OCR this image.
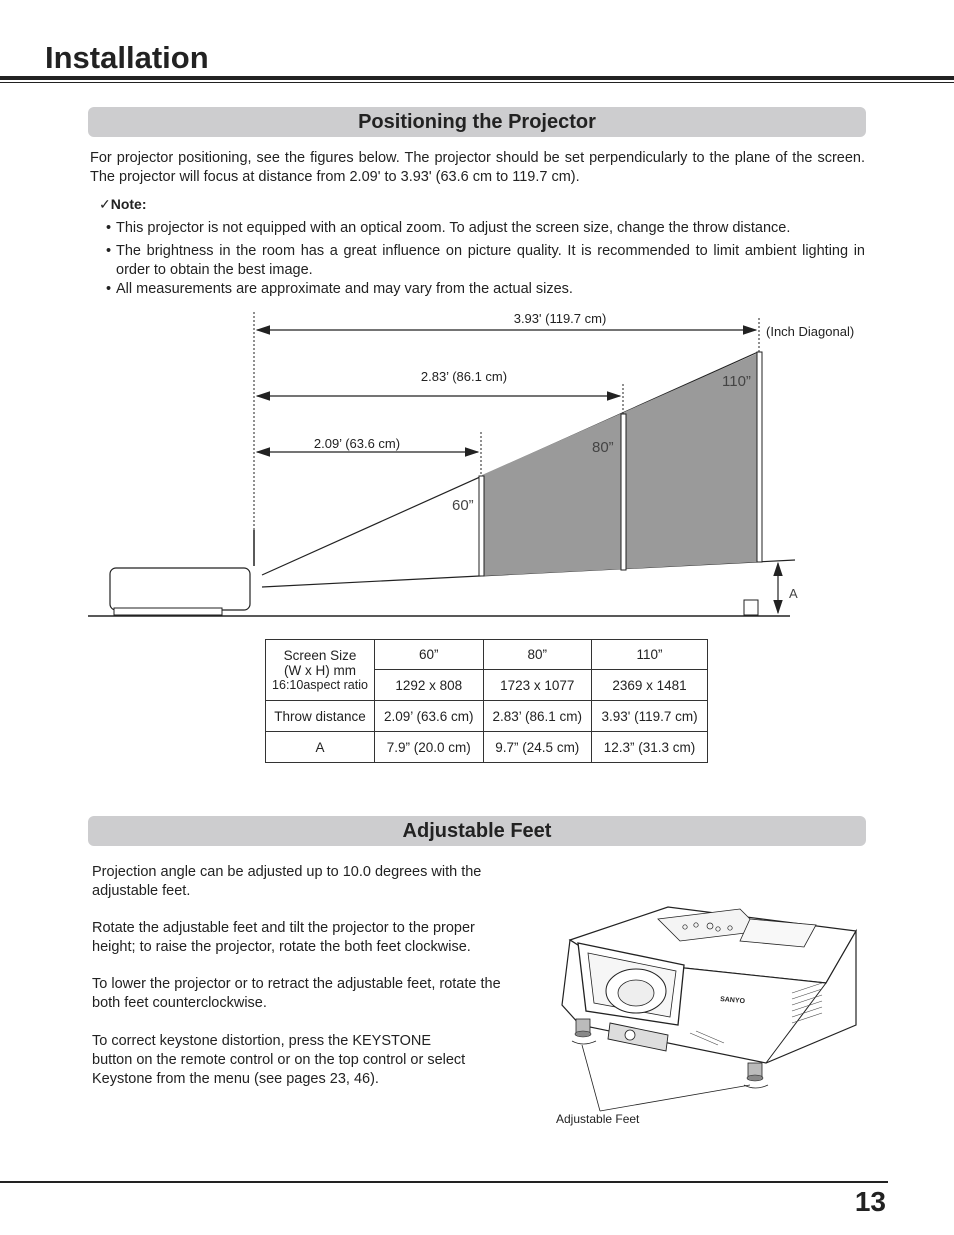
Installation
Positioning the Projector
For projector positioning, see the figures below. The projector should be set perpendicularly to the plane of the screen. The projector will focus at distance from 2.09' to 3.93' (63.6 cm to 119.7 cm).
✓Note:
• This projector is not equipped with an optical zoom. To adjust the screen size, change the throw distance.
• The brightness in the room has a great influence on picture quality. It is recommended to limit ambient lighting in order to obtain the best image.
• All measurements are approximate and may vary from the actual sizes.
3.93' (119.7 cm)
2.83’ (86.1 cm)
2.09’ (63.6 cm)
(Inch Diagonal)
110”
80”
60”
A
Screen Size
(W x H) mm
16:10aspect ratio	60”	80”	110”
	1292 x 808	1723 x 1077	2369 x 1481
Throw distance	2.09’ (63.6 cm)	2.83’ (86.1 cm)	3.93' (119.7 cm)
A	7.9” (20.0 cm)	9.7” (24.5 cm)	12.3” (31.3 cm)
Adjustable Feet
Projection angle can be adjusted up to 10.0 degrees with the adjustable feet.
Rotate the adjustable feet and tilt the projector to the proper height; to raise the projector, rotate the both feet clockwise.
To lower the projector or to retract the adjustable feet, rotate the both feet counterclockwise.
To correct keystone distortion, press the KEYSTONE
button on the remote control or on the top control or select
Keystone from the menu (see pages 23, 46).
SANYO
Adjustable Feet
13
